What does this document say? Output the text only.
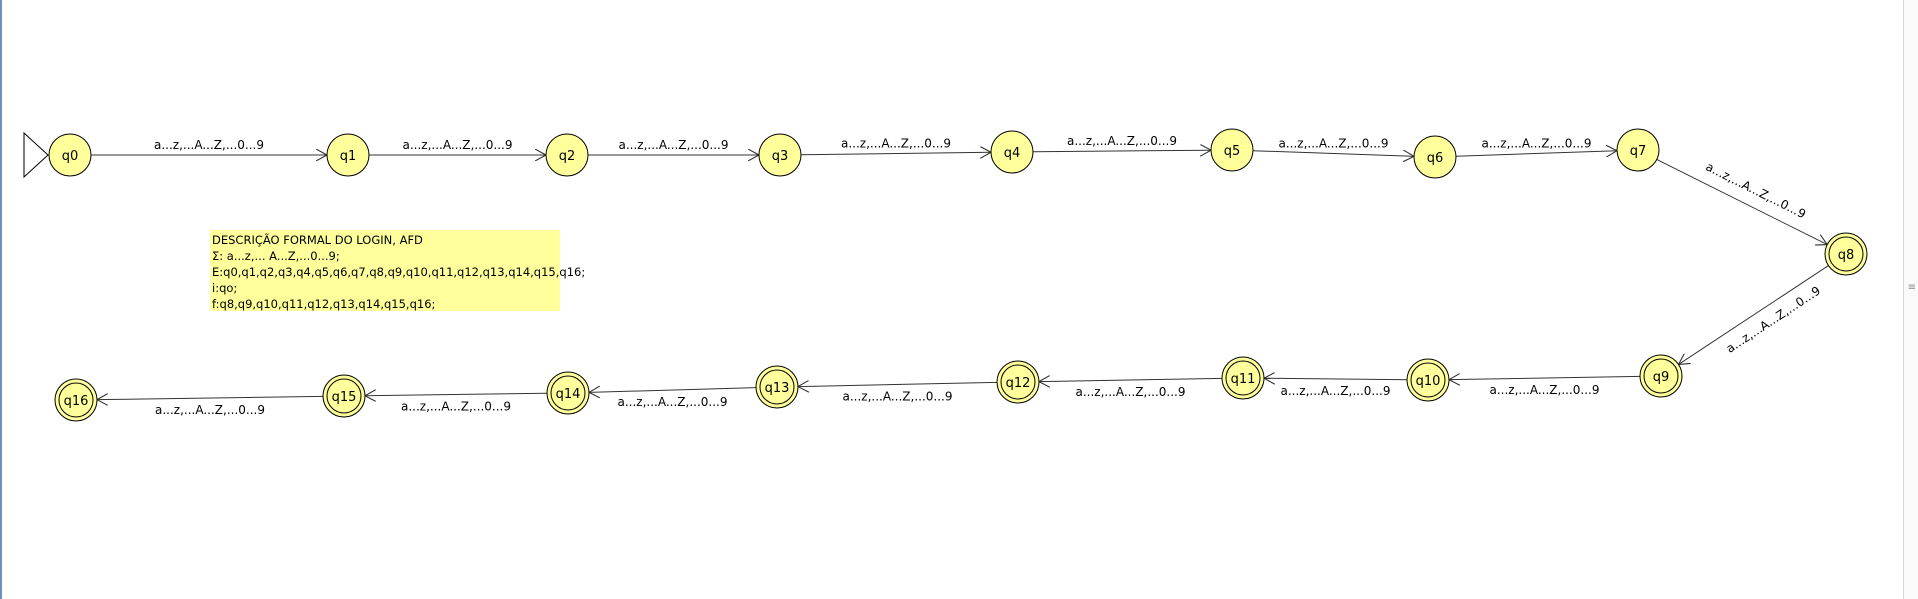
≡
a...z,...A...Z,...0...9	a...z,...A...Z,...0...9	a...z,...A...Z,...0...9	a...z,...A...Z,...0...9	a...z,...A...Z,...0...9	a...z,...A...Z,...0...9	a...z,...A...Z,...0...9
a...z,...A...Z,...0...9
a...z,...A...Z,...0...9
a...z,...A...Z,...0...9
a...z,...A...Z,...0...9
a...z,...A...Z,...0...9
a...z,...A...Z,...0...9
a...z,...A...Z,...0...9
a...z,...A...Z,...0...9
a...z,...A...Z,...0...9
q0	q1	q2	q3	q4	q5	q6	q7
q8
q9
q10
q11
q12
q13
q14
q15
q16
DESCRIÇÃO FORMAL DO LOGIN, AFD
Σ: a...z,... A...Z,...0...9;
E:q0,q1,q2,q3,q4,q5,q6,q7,q8,q9,q10,q11,q12,q13,q14,q15,q16;
i:qo;
f:q8,q9,q10,q11,q12,q13,q14,q15,q16;
